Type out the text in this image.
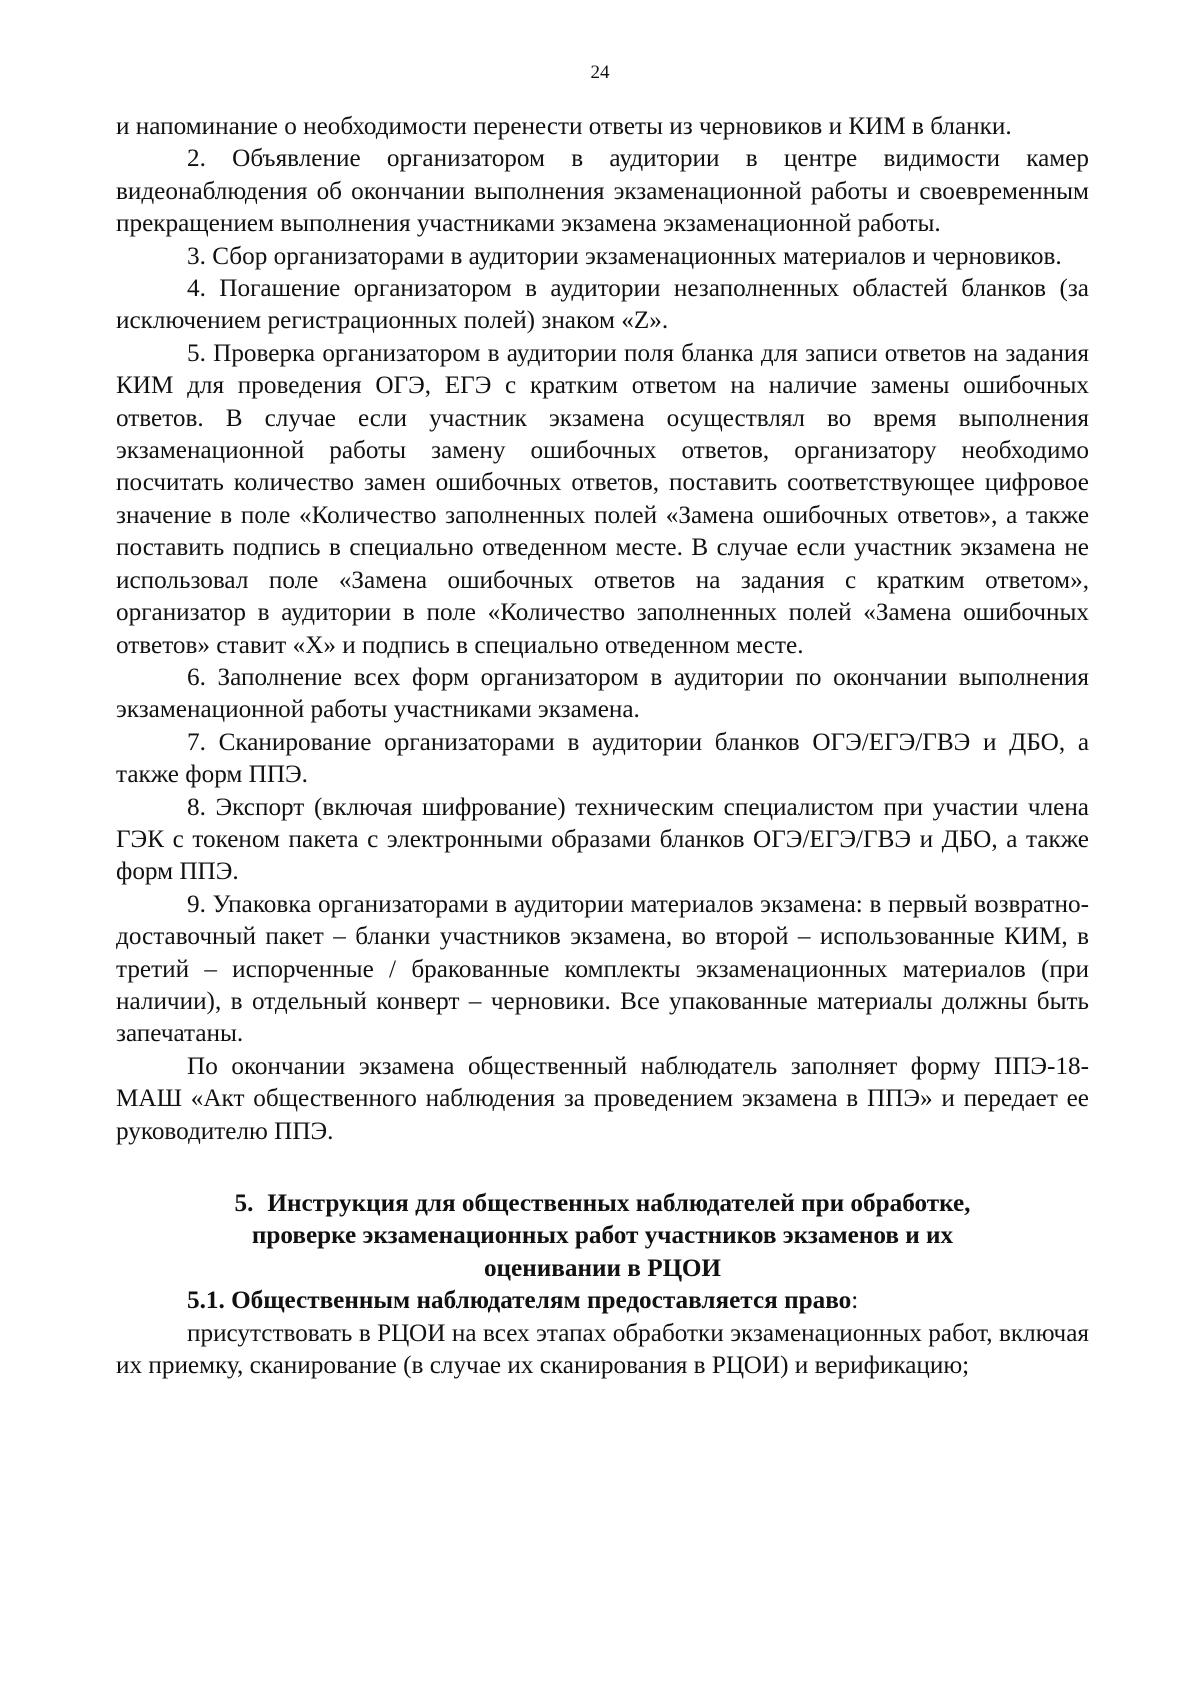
24

и напоминание о необходимости перенести ответы из черновиков и КИМ в бланки.

2. Объявление организатором в аудитории в центре видимости камер видеонаблюдения об окончании выполнения экзаменационной работы и своевременным прекращением выполнения участниками экзамена экзаменационной работы.

3. Сбор организаторами в аудитории экзаменационных материалов и черновиков.

4. Погашение организатором в аудитории незаполненных областей бланков (за исключением регистрационных полей) знаком «Z».

5. Проверка организатором в аудитории поля бланка для записи ответов на задания КИМ для проведения ОГЭ, ЕГЭ с кратким ответом на наличие замены ошибочных ответов. В случае если участник экзамена осуществлял во время выполнения экзаменационной работы замену ошибочных ответов, организатору необходимо посчитать количество замен ошибочных ответов, поставить соответствующее цифровое значение в поле «Количество заполненных полей «Замена ошибочных ответов», а также поставить подпись в специально отведенном месте. В случае если участник экзамена не использовал поле «Замена ошибочных ответов на задания с кратким ответом», организатор в аудитории в поле «Количество заполненных полей «Замена ошибочных ответов» ставит «X» и подпись в специально отведенном месте.

6. Заполнение всех форм организатором в аудитории по окончании выполнения экзаменационной работы участниками экзамена.

7. Сканирование организаторами в аудитории бланков ОГЭ/ЕГЭ/ГВЭ и ДБО, а также форм ППЭ.

8. Экспорт (включая шифрование) техническим специалистом при участии члена ГЭК с токеном пакета с электронными образами бланков ОГЭ/ЕГЭ/ГВЭ и ДБО, а также форм ППЭ.

9. Упаковка организаторами в аудитории материалов экзамена: в первый возвратно-доставочный пакет – бланки участников экзамена, во второй – использованные КИМ, в третий – испорченные / бракованные комплекты экзаменационных материалов (при наличии), в отдельный конверт – черновики. Все упакованные материалы должны быть запечатаны.

По окончании экзамена общественный наблюдатель заполняет форму ППЭ-18-МАШ «Акт общественного наблюдения за проведением экзамена в ППЭ» и передает ее руководителю ППЭ.

5. Инструкция для общественных наблюдателей при обработке,
проверке экзаменационных работ участников экзаменов и их
оценивании в РЦОИ

5.1. Общественным наблюдателям предоставляется право:

присутствовать в РЦОИ на всех этапах обработки экзаменационных работ, включая их приемку, сканирование (в случае их сканирования в РЦОИ) и верификацию;
